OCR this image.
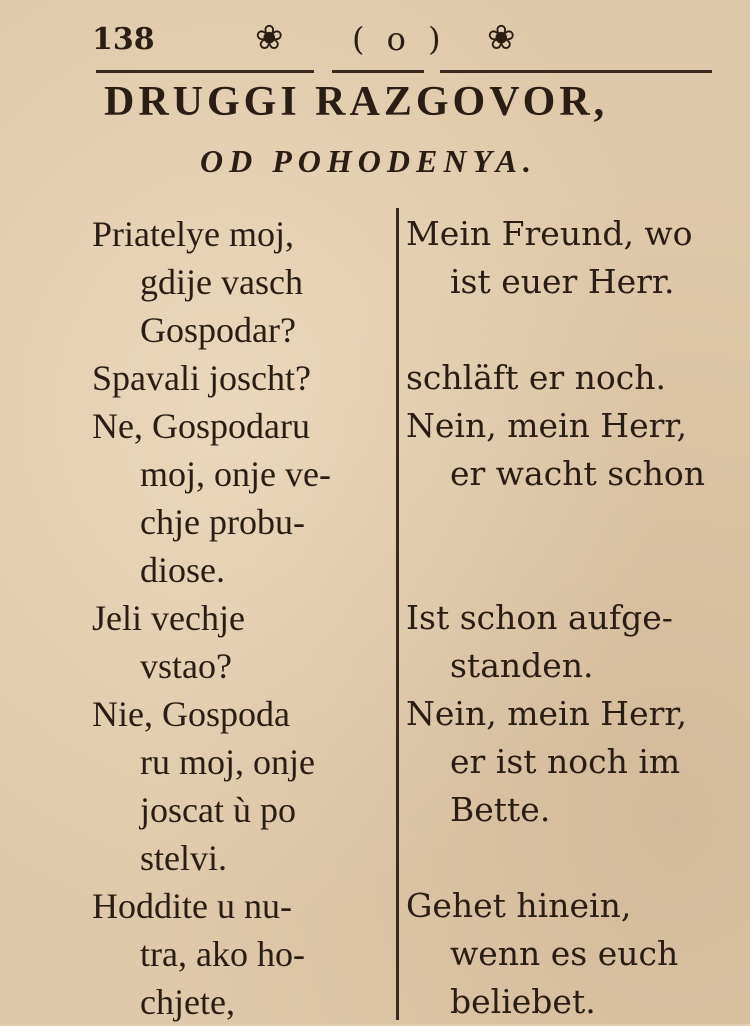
138	❀ ( o ) ❀
DRUGGI RAZGOVOR,
OD POHODENYA.
Priatelye moj,
gdije vasch
Gospodar?
Spavali joscht?
Ne, Gospodaru
moj, onje ve-
chje probu-
diose.
Jeli vechje
vstao?
Nie, Gospoda
ru moj, onje
joscat ù po
stelvi.
Hoddite u nu-
tra, ako ho-
chjete,
Mein Freund, wo
ist euer Herr.
schläft er noch.
Nein, mein Herr,
er wacht schon
Ist schon aufge-
standen.
Nein, mein Herr,
er ist noch im
Bette.
Gehet hinein,
wenn es euch
beliebet.
